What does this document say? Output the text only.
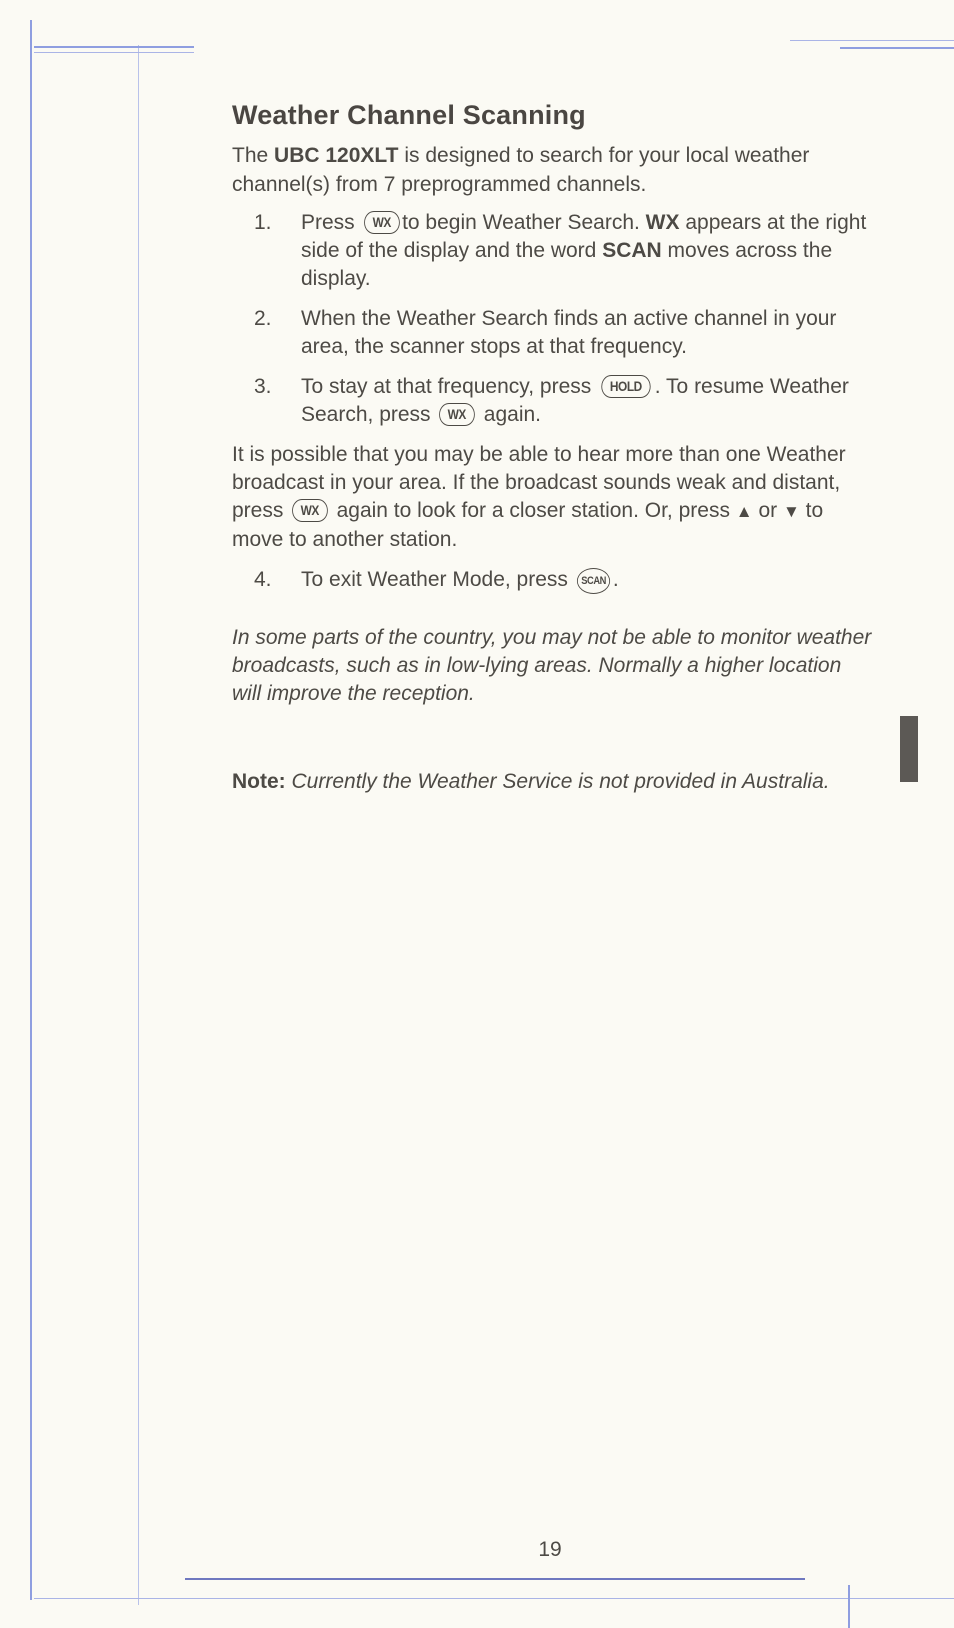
Weather Channel Scanning

The UBC 120XLT is designed to search for your local weather channel(s) from 7 preprogrammed channels.

1. Press WX to begin Weather Search. WX appears at the right side of the display and the word SCAN moves across the display.
2. When the Weather Search finds an active channel in your area, the scanner stops at that frequency.
3. To stay at that frequency, press HOLD . To resume Weather Search, press WX again.

It is possible that you may be able to hear more than one Weather broadcast in your area. If the broadcast sounds weak and distant, press WX again to look for a closer station. Or, press ▲ or ▼ to move to another station.

4. To exit Weather Mode, press SCAN .

In some parts of the country, you may not be able to monitor weather broadcasts, such as in low-lying areas. Normally a higher location will improve the reception.

Note: Currently the Weather Service is not provided in Australia.

19
